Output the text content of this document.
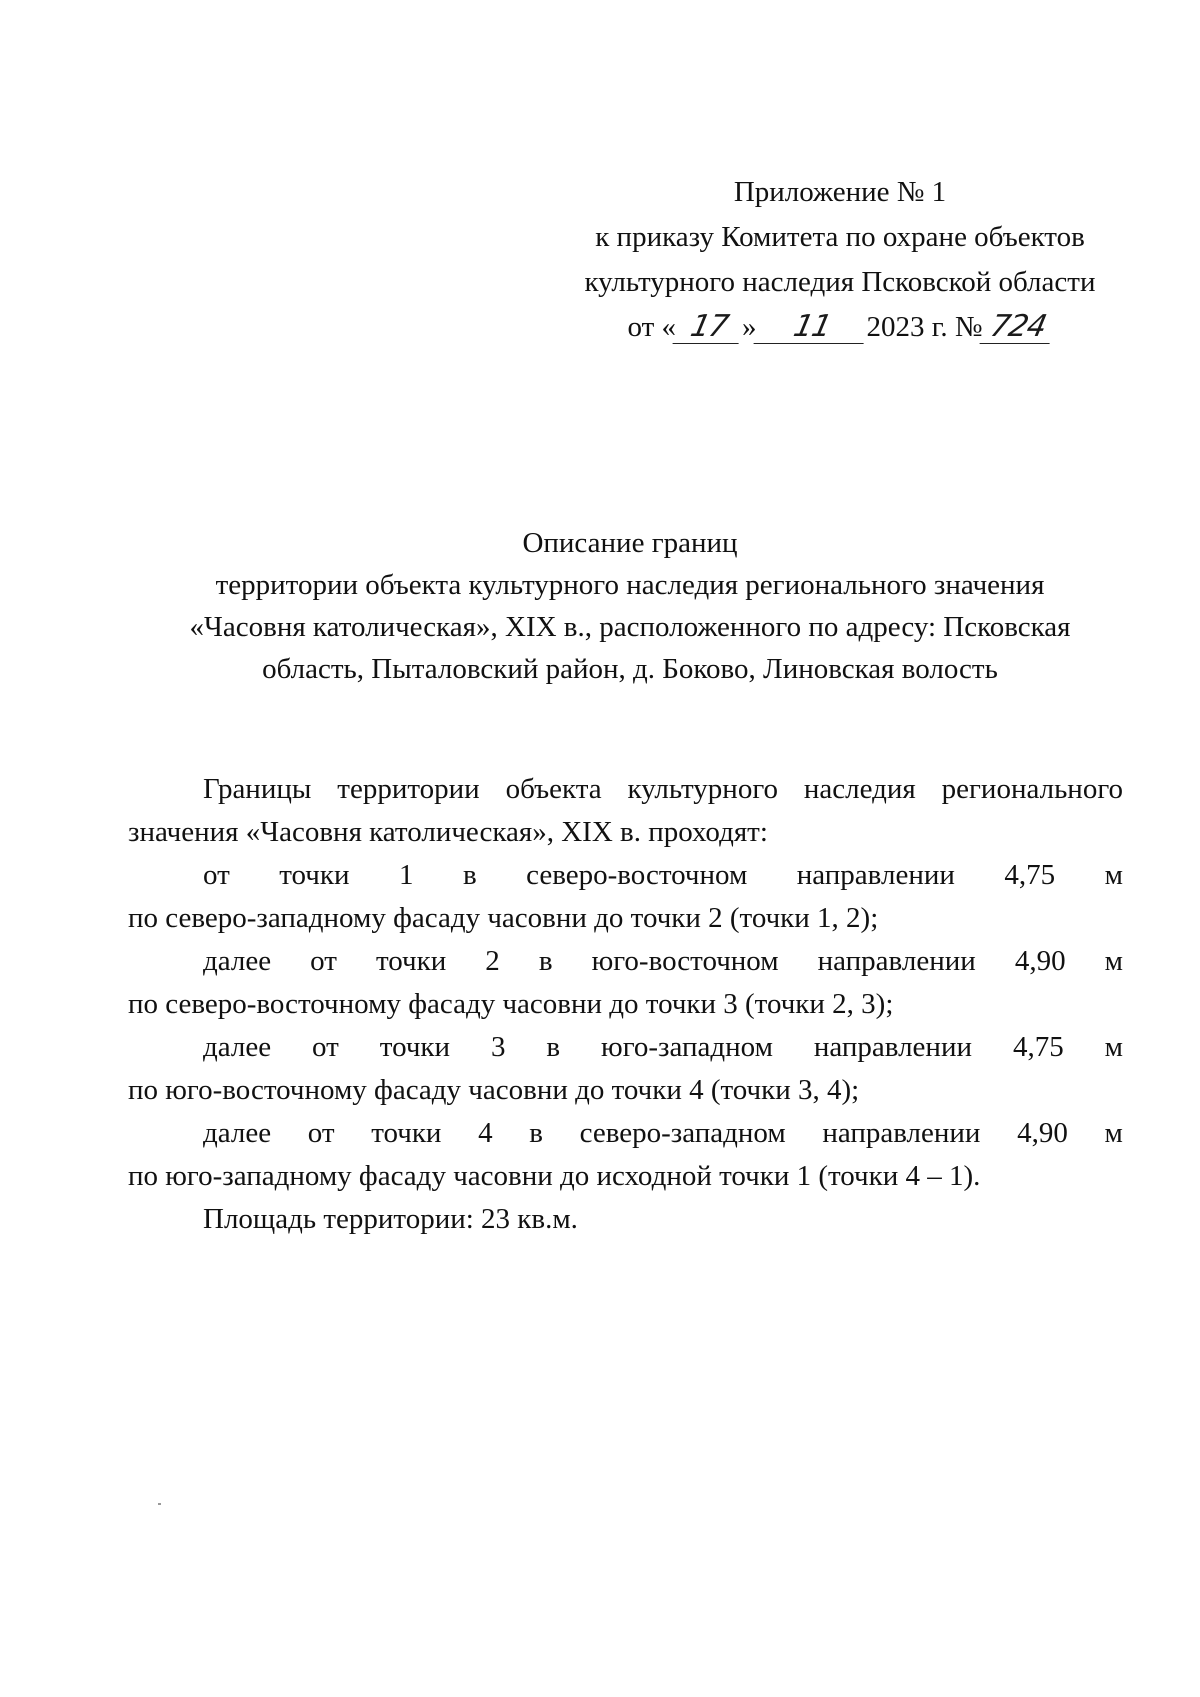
Приложение № 1
к приказу Комитета по охране объектов
культурного наследия Псковской области
от « 17 » 11 2023 г. № 724
Описание границ
территории объекта культурного наследия регионального значения
«Часовня католическая», XIX в., расположенного по адресу: Псковская
область, Пыталовский район, д. Боково, Линовская волость

Границы территории объекта культурного наследия регионального значения «Часовня католическая», XIX в. проходят:

от точки 1 в северо-восточном направлении 4,75 м
по северо-западному фасаду часовни до точки 2 (точки 1, 2);
далее от точки 2 в юго-восточном направлении 4,90 м
по северо-восточному фасаду часовни до точки 3 (точки 2, 3);
далее от точки 3 в юго-западном направлении 4,75 м
по юго-восточному фасаду часовни до точки 4 (точки 3, 4);
далее от точки 4 в северо-западном направлении 4,90 м
по юго-западному фасаду часовни до исходной точки 1 (точки 4 – 1).

Площадь территории: 23 кв.м.
